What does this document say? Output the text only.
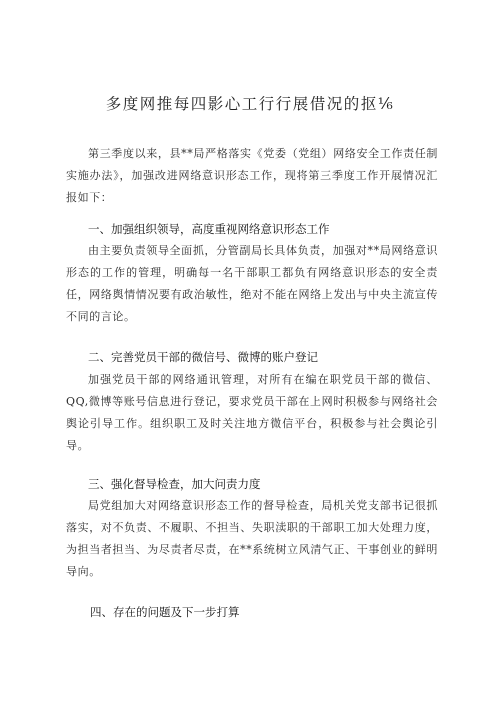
多度网推每四影心工行行展借况的抠⅙

第三季度以来，县**局严格落实《党委（党组）网络安全工作责任制实施办法》，加强改进网络意识形态工作，现将第三季度工作开展情况汇报如下：

一、加强组织领导，高度重视网络意识形态工作

由主要负责领导全面抓，分管副局长具体负责，加强对**局网络意识形态的工作的管理，明确每一名干部职工都负有网络意识形态的安全责任，网络舆情情况要有政治敏性，绝对不能在网络上发出与中央主流宣传不同的言论。

二、完善党员干部的微信号、微博的账户登记

加强党员干部的网络通讯管理，对所有在编在职党员干部的微信、QQ,微博等账号信息进行登记，要求党员干部在上网时积极参与网络社会舆论引导工作。组织职工及时关注地方微信平台，积极参与社会舆论引导。

三、强化督导检查，加大问责力度

局党组加大对网络意识形态工作的督导检查，局机关党支部书记很抓落实，对不负责、不履职、不担当、失职渎职的干部职工加大处理力度，为担当者担当、为尽责者尽责，在**系统树立风清气正、干事创业的鲜明导向。

四、存在的问题及下一步打算
